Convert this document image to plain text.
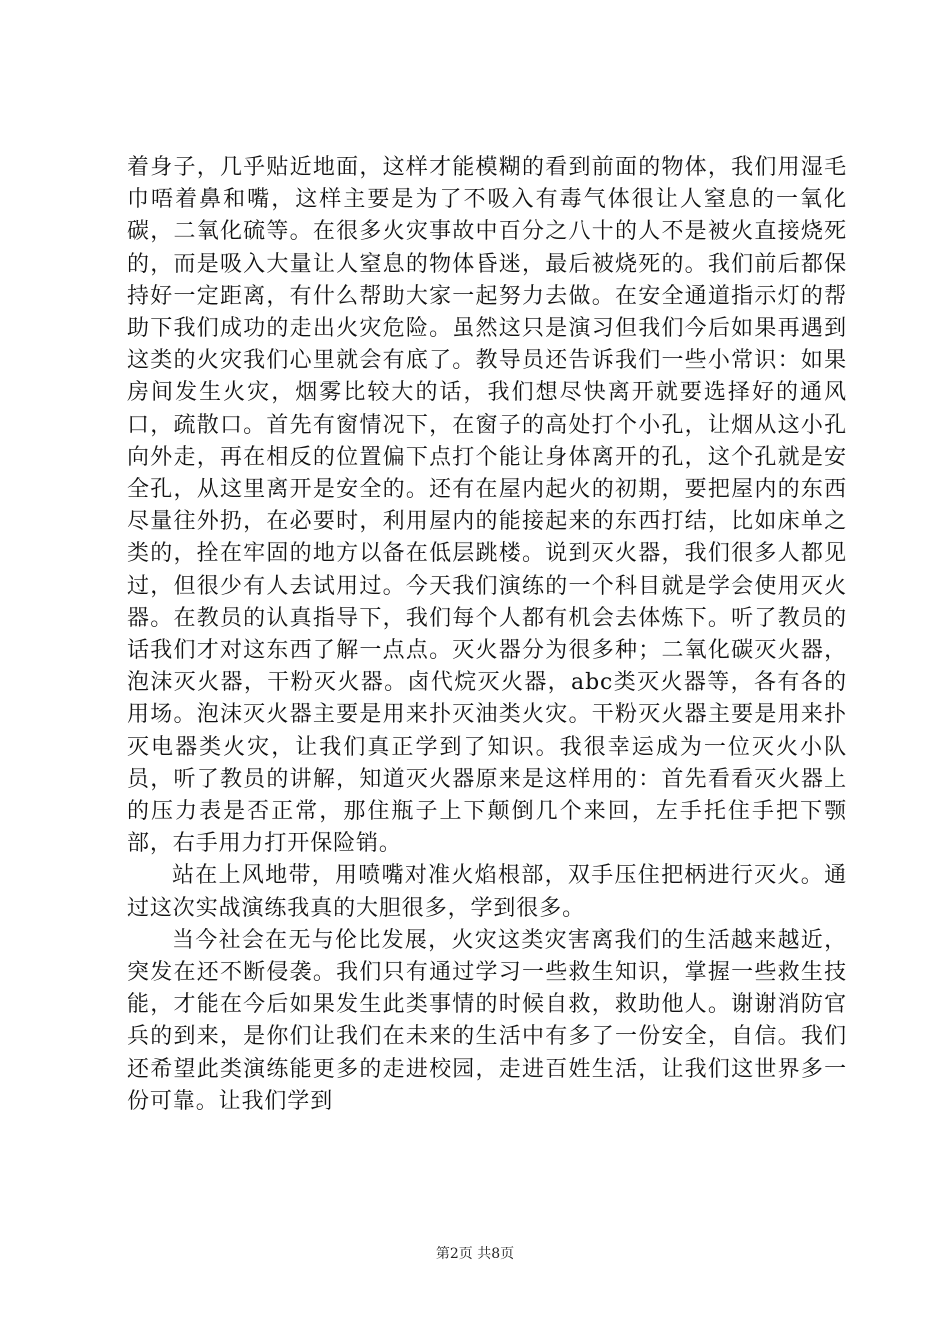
着身子，几乎贴近地面，这样才能模糊的看到前面的物体，我们用湿毛巾唔着鼻和嘴，这样主要是为了不吸入有毒气体很让人窒息的一氧化碳，二氧化硫等。在很多火灾事故中百分之八十的人不是被火直接烧死的，而是吸入大量让人窒息的物体昏迷，最后被烧死的。我们前后都保持好一定距离，有什么帮助大家一起努力去做。在安全通道指示灯的帮助下我们成功的走出火灾危险。虽然这只是演习但我们今后如果再遇到这类的火灾我们心里就会有底了。教导员还告诉我们一些小常识：如果房间发生火灾，烟雾比较大的话，我们想尽快离开就要选择好的通风口，疏散口。首先有窗情况下，在窗子的高处打个小孔，让烟从这小孔向外走，再在相反的位置偏下点打个能让身体离开的孔，这个孔就是安全孔，从这里离开是安全的。还有在屋内起火的初期，要把屋内的东西尽量往外扔，在必要时，利用屋内的能接起来的东西打结，比如床单之类的，拴在牢固的地方以备在低层跳楼。说到灭火器，我们很多人都见过，但很少有人去试用过。今天我们演练的一个科目就是学会使用灭火器。在教员的认真指导下，我们每个人都有机会去体炼下。听了教员的话我们才对这东西了解一点点。灭火器分为很多种；二氧化碳灭火器，泡沫灭火器，干粉灭火器。卤代烷灭火器，abc类灭火器等，各有各的用场。泡沫灭火器主要是用来扑灭油类火灾。干粉灭火器主要是用来扑灭电器类火灾，让我们真正学到了知识。我很幸运成为一位灭火小队员，听了教员的讲解，知道灭火器原来是这样用的：首先看看灭火器上的压力表是否正常，那住瓶子上下颠倒几个来回，左手托住手把下颚部，右手用力打开保险销。

站在上风地带，用喷嘴对准火焰根部，双手压住把柄进行灭火。通过这次实战演练我真的大胆很多，学到很多。

当今社会在无与伦比发展，火灾这类灾害离我们的生活越来越近，突发在还不断侵袭。我们只有通过学习一些救生知识，掌握一些救生技能，才能在今后如果发生此类事情的时候自救，救助他人。谢谢消防官兵的到来，是你们让我们在未来的生活中有多了一份安全，自信。我们还希望此类演练能更多的走进校园，走进百姓生活，让我们这世界多一份可靠。让我们学到

第2页 共8页
